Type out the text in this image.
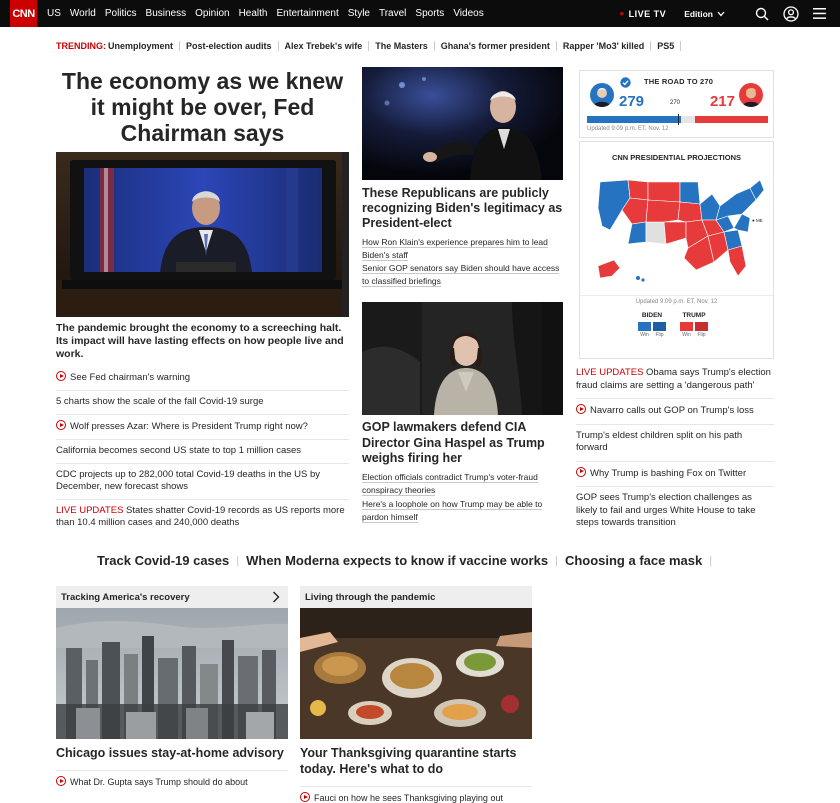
CNN US World Politics Business Opinion Health Entertainment Style Travel Sports Videos	● LIVE TV Edition
TRENDING: Unemployment	Post-election audits	Alex Trebek's wife	The Masters	Ghana's former president	Rapper 'Mo3' killed	PS5
The economy as we knew it might be over, Fed Chairman says
The pandemic brought the economy to a screeching halt. Its impact will have lasting effects on how people live and work.
See Fed chairman's warning
5 charts show the scale of the fall Covid-19 surge
Wolf presses Azar: Where is President Trump right now?
California becomes second US state to top 1 million cases
CDC projects up to 282,000 total Covid-19 deaths in the US by December, new forecast shows
LIVE UPDATES States shatter Covid-19 records as US reports more than 10.4 million cases and 240,000 deaths
These Republicans are publicly recognizing Biden's legitimacy as President-elect
How Ron Klain's experience prepares him to lead Biden's staff
Senior GOP senators say Biden should have access to classified briefings
GOP lawmakers defend CIA Director Gina Haspel as Trump weighs firing her
Election officials contradict Trump's voter-fraud conspiracy theories
Here's a loophole on how Trump may be able to pardon himself
THE ROAD TO 270
279	270 217
Updated 9:09 p.m. ET, Nov. 12
CNN PRESIDENTIAL PROJECTIONS
● ME
Updated 9:09 p.m. ET, Nov. 12
BIDEN
Win	Flip
TRUMP
Win	Flip
LIVE UPDATES Obama says Trump's election fraud claims are setting a 'dangerous path'
Navarro calls out GOP on Trump's loss
Trump's eldest children split on his path forward
Why Trump is bashing Fox on Twitter
GOP sees Trump's election challenges as likely to fail and urges White House to take steps towards transition
Track Covid-19 cases | When Moderna expects to know if vaccine works | Choosing a face mask |
Tracking America's recovery
Chicago issues stay-at-home advisory
What Dr. Gupta says Trump should do about
Living through the pandemic
Your Thanksgiving quarantine starts today. Here's what to do
Fauci on how he sees Thanksgiving playing out
